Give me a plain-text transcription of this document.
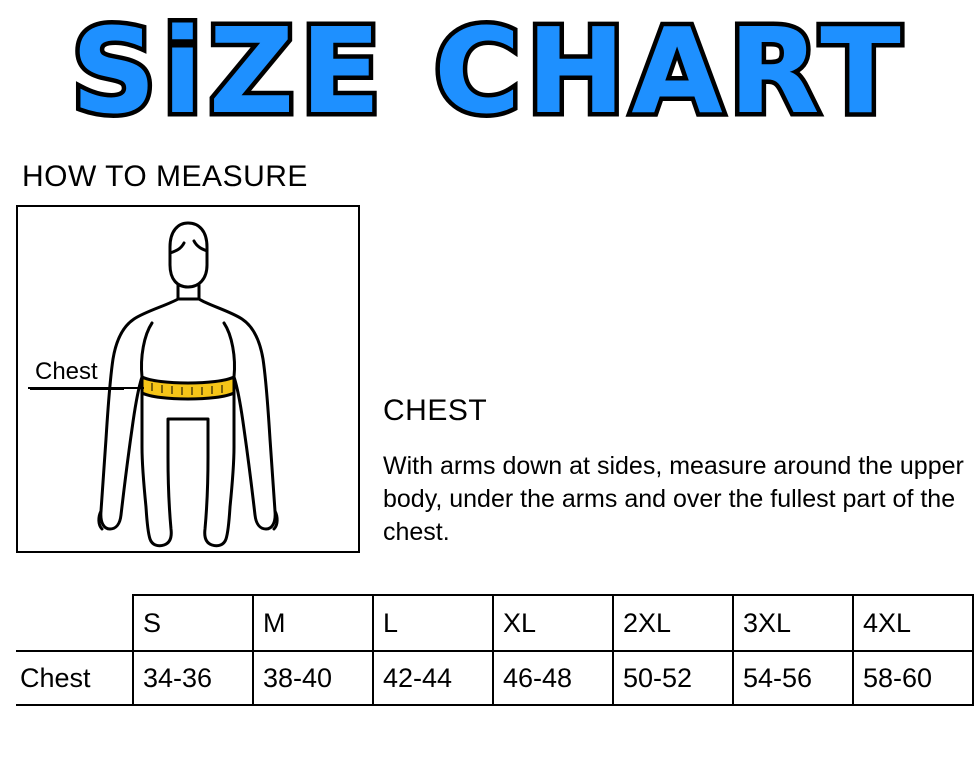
SiZE CHART
HOW TO MEASURE
Chest
CHEST
With arms down at sides, measure around the upper body, under the arms and over the fullest part of the chest.
	S	M	L	XL	2XL	3XL	4XL
Chest	34-36	38-40	42-44	46-48	50-52	54-56	58-60
